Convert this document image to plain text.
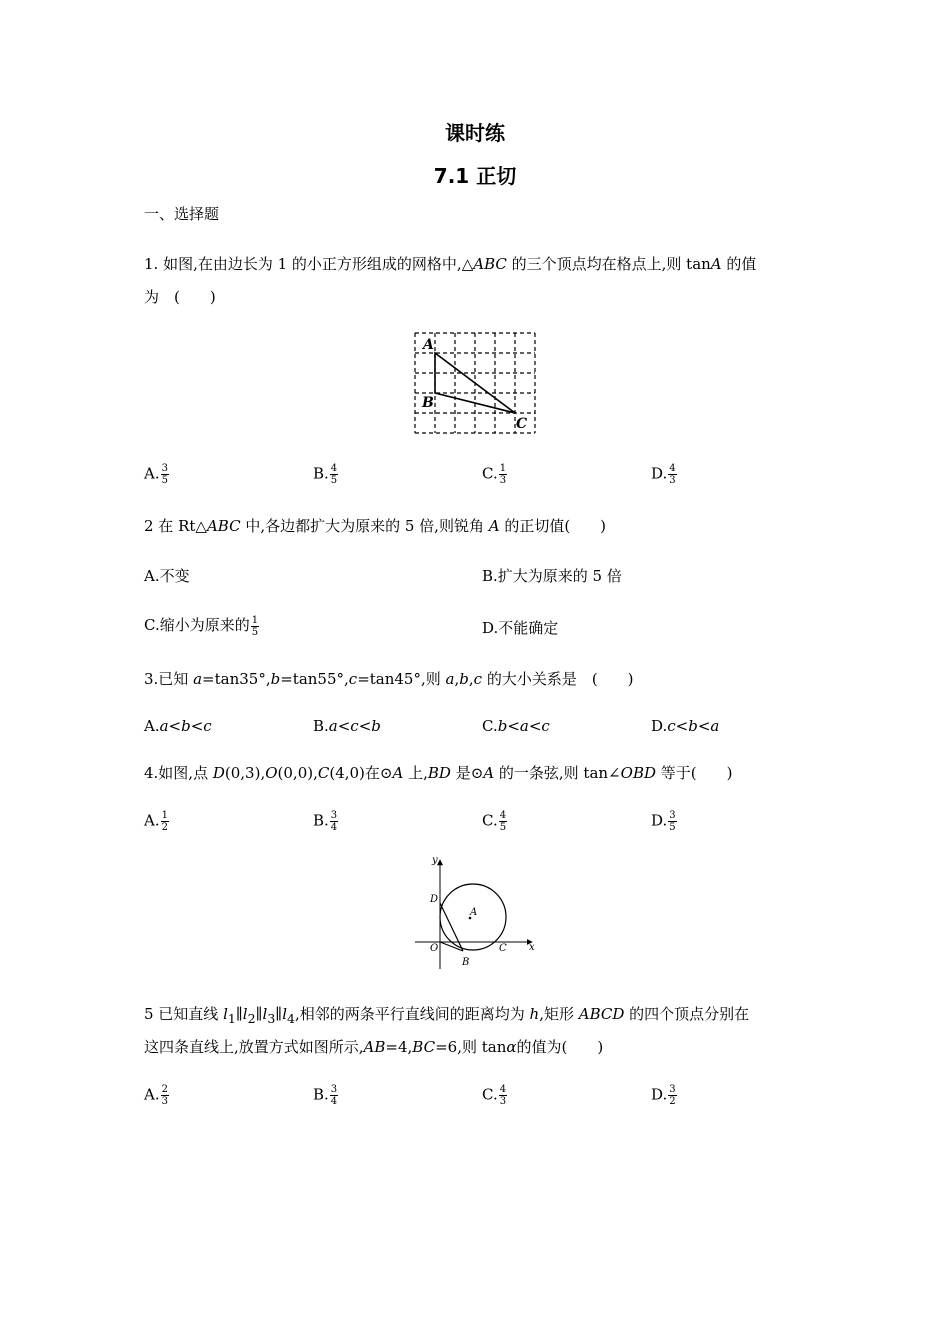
课时练
7.1 正切
一、选择题
1. 如图,在由边长为 1 的小正方形组成的网格中,△ABC 的三个顶点均在格点上,则 tanA 的值
为　(　　)
A
B
C
A. $\frac{3}{5}$	B. $\frac{4}{5}$	C. $\frac{1}{3}$	D. $\frac{4}{3}$
2 在 Rt△ABC 中,各边都扩大为原来的 5 倍,则锐角 A 的正切值(　　)
A.不变	B.扩大为原来的 5 倍
C.缩小为原来的 $\frac{1}{5}$	D.不能确定
3.已知 a=tan35°,b=tan55°,c=tan45°,则 a,b,c 的大小关系是　(　　)
A.a<b<c	B.a<c<b	C.b<a<c	D.c<b<a
4.如图,点 D(0,3),O(0,0),C(4,0)在⊙A 上,BD 是⊙A 的一条弦,则 tan∠OBD 等于(　　)
A. $\frac{1}{2}$	B. $\frac{3}{4}$	C. $\frac{4}{5}$	D. $\frac{3}{5}$
y
x
D
A
O	C
B
5 已知直线 $l_1\parallel l_2\parallel l_3\parallel l_4$,相邻的两条平行直线间的距离均为 h,矩形 ABCD 的四个顶点分别在
这四条直线上,放置方式如图所示,AB=4,BC=6,则 tanα的值为(　　)
A. $\frac{2}{3}$	B. $\frac{3}{4}$	C. $\frac{4}{3}$	D. $\frac{3}{2}$
